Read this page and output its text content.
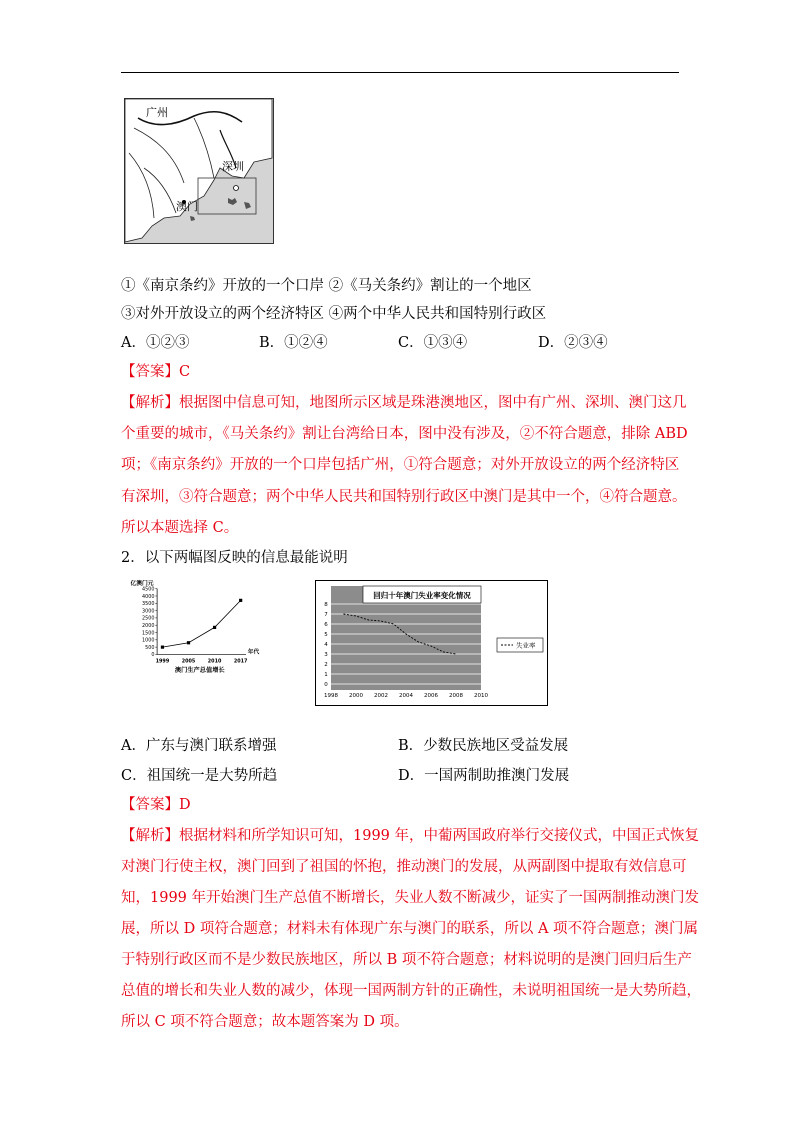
广州
深圳
澳门
①《南京条约》开放的一个口岸 ②《马关条约》割让的一个地区
③对外开放设立的两个经济特区 ④两个中华人民共和国特别行政区
A．①②③	B．①②④	C．①③④	D．②③④
【答案】C
【解析】根据图中信息可知，地图所示区域是珠港澳地区，图中有广州、深圳、澳门这几
个重要的城市，《马关条约》割让台湾给日本，图中没有涉及，②不符合题意，排除 ABD
项；《南京条约》开放的一个口岸包括广州，①符合题意；对外开放设立的两个经济特区
有深圳，③符合题意；两个中华人民共和国特别行政区中澳门是其中一个，④符合题意。
所以本题选择 C。
2．以下两幅图反映的信息最能说明
亿澳门元
4500
4000
3500
3000
2500
2000
1500
1000
500
0
1999 2005 2010 2017
年代
澳门生产总值增长
回归十年澳门失业率变化情况
8
7
6
5
4
3
2
1
0
1998 2000 2002 2004 2006 2008 2010
失业率
A．广东与澳门联系增强	B．少数民族地区受益发展
C．祖国统一是大势所趋	D．一国两制助推澳门发展
【答案】D
【解析】根据材料和所学知识可知，1999 年，中葡两国政府举行交接仪式，中国正式恢复
对澳门行使主权，澳门回到了祖国的怀抱，推动澳门的发展，从两副图中提取有效信息可
知，1999 年开始澳门生产总值不断增长，失业人数不断减少，证实了一国两制推动澳门发
展，所以 D 项符合题意；材料未有体现广东与澳门的联系，所以 A 项不符合题意；澳门属
于特别行政区而不是少数民族地区，所以 B 项不符合题意；材料说明的是澳门回归后生产
总值的增长和失业人数的减少，体现一国两制方针的正确性，未说明祖国统一是大势所趋，
所以 C 项不符合题意；故本题答案为 D 项。
